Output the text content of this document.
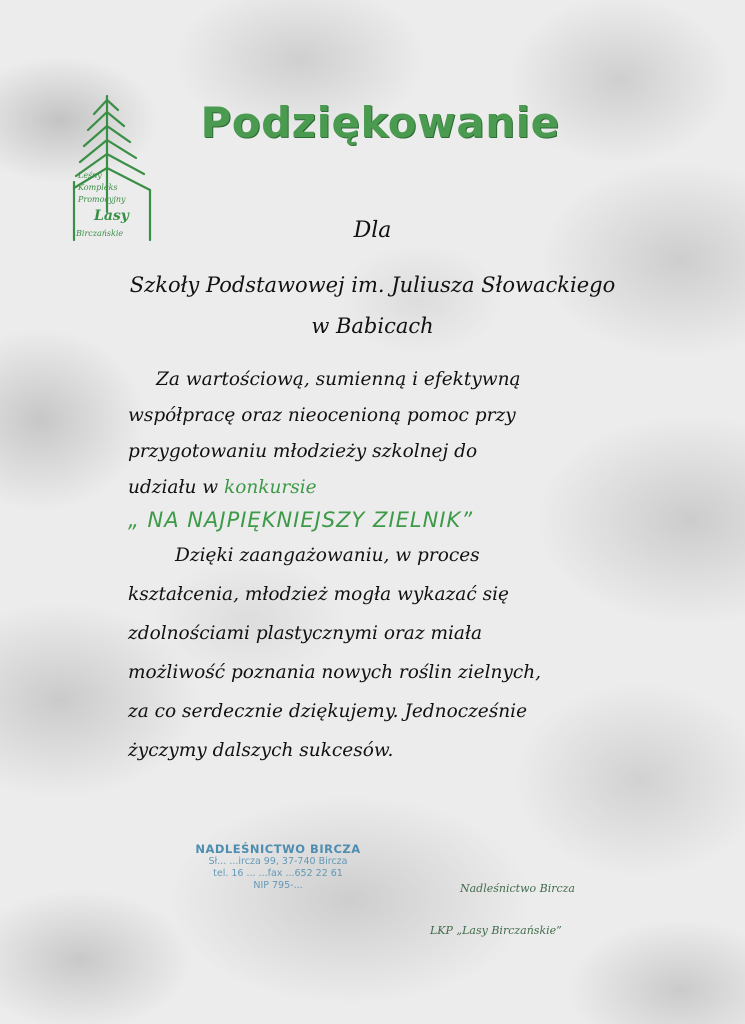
Leśny
Kompleks
Promocyjny
Lasy
Birczańskie
Podziękowanie
Dla
Szkoły Podstawowej im. Juliusza Słowackiego
w Babicach
Za wartościową, sumienną i efektywną
współpracę oraz nieocenioną pomoc przy
przygotowaniu młodzieży szkolnej do
udziału w konkursie
„ NA NAJPIĘKNIEJSZY ZIELNIK”
Dzięki zaangażowaniu, w proces
kształcenia, młodzież mogła wykazać się
zdolnościami plastycznymi oraz miała
możliwość poznania nowych roślin zielnych,
za co serdecznie dziękujemy. Jednocześnie
życzymy dalszych sukcesów.
NADLEŚNICTWO BIRCZA
Sł... ...ircza 99, 37-740 Bircza
tel. 16 ... ...fax ...652 22 61
NIP 795-...	Nadleśnictwo Bircza
LKP „Lasy Birczańskie”
